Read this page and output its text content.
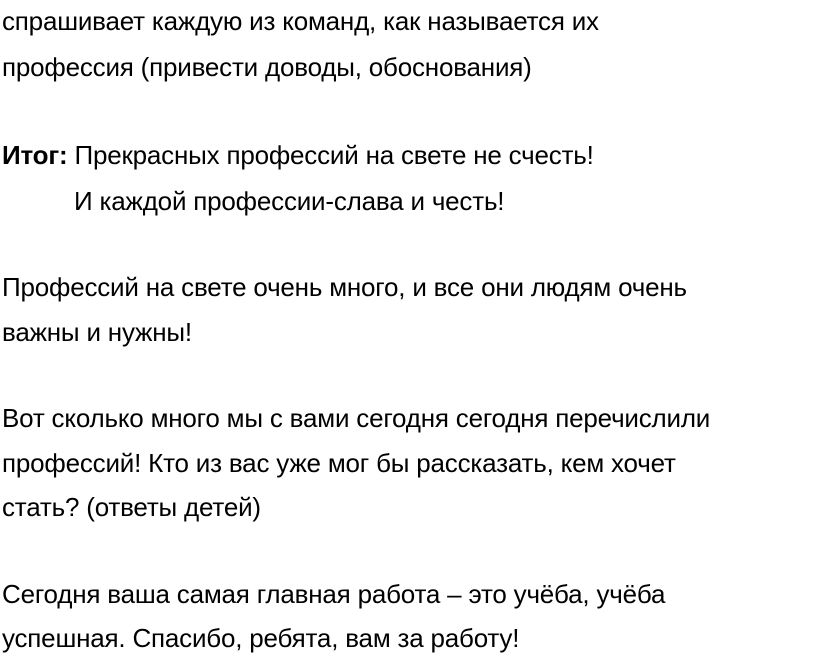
спрашивает каждую из команд, как называется их
профессия (привести доводы, обоснования)
Итог: Прекрасных профессий на свете не счесть!
И каждой профессии-слава и честь!
Профессий на свете очень много, и все они людям очень
важны и нужны!
Вот сколько много мы с вами сегодня сегодня перечислили
профессий! Кто из вас уже мог бы рассказать, кем хочет
стать? (ответы детей)
Сегодня ваша самая главная работа – это учёба, учёба
успешная. Спасибо, ребята, вам за работу!
